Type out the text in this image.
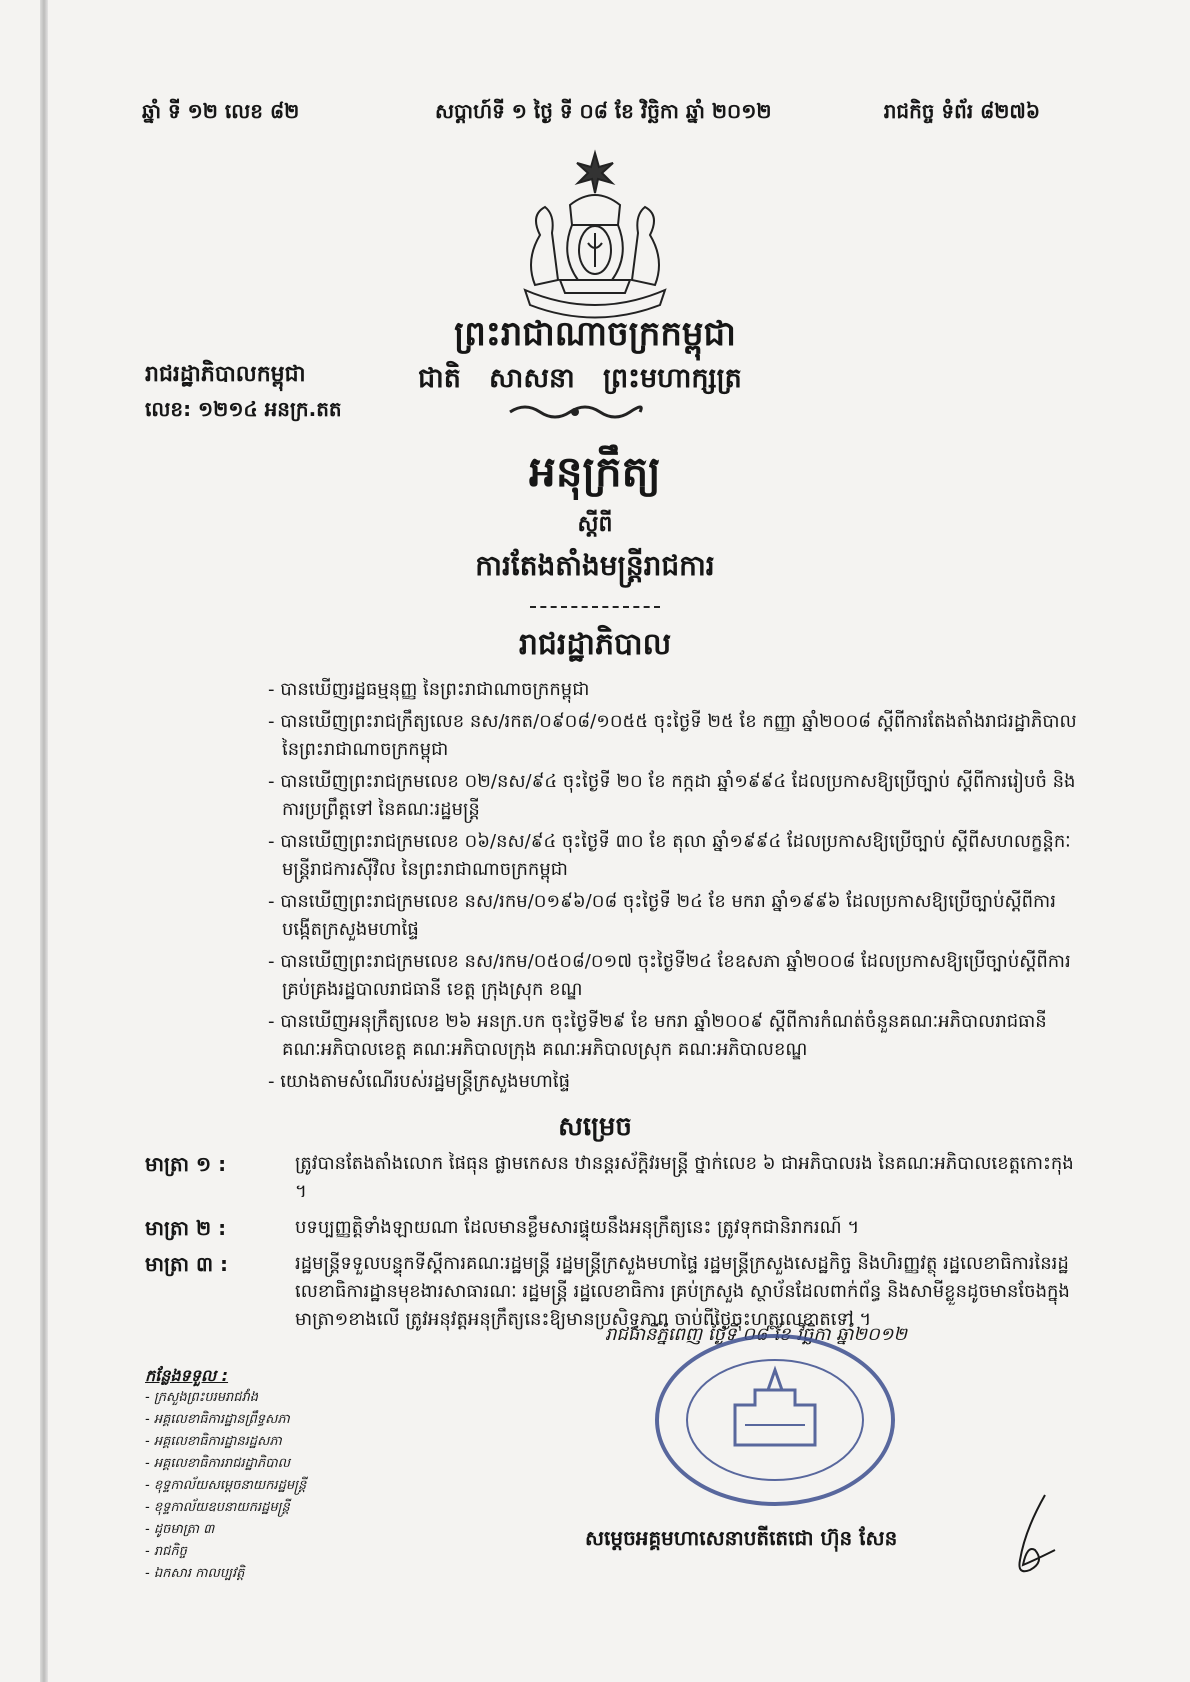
ឆ្នាំ ទី ១២ លេខ ៨២	សប្ដាហ៍ទី ១ ថ្ងៃ ទី ០៨ ខែ វិច្ឆិកា ឆ្នាំ ២០១២	រាជកិច្ច ទំព័រ ៨២៧៦
ព្រះរាជាណាចក្រកម្ពុជា
ជាតិ   សាសនា   ព្រះមហាក្សត្រ
រាជរដ្ឋាភិបាលកម្ពុជា
លេខ: ១២១៤ អនក្រ.តត
អនុក្រឹត្យ
ស្ដីពី
ការតែងតាំងមន្ត្រីរាជការ
រាជរដ្ឋាភិបាល

- បានឃើញរដ្ឋធម្មនុញ្ញ នៃព្រះរាជាណាចក្រកម្ពុជា

- បានឃើញព្រះរាជក្រឹត្យលេខ នស/រកត/០៩០៨/១០៥៥ ចុះថ្ងៃទី ២៥ ខែ កញ្ញា ឆ្នាំ២០០៨ ស្ដីពីការតែងតាំងរាជរដ្ឋាភិបាល នៃព្រះរាជាណាចក្រកម្ពុជា

- បានឃើញព្រះរាជក្រមលេខ ០២/នស/៩៤ ចុះថ្ងៃទី ២០ ខែ កក្កដា ឆ្នាំ១៩៩៤ ដែលប្រកាសឱ្យប្រើច្បាប់ ស្ដីពីការរៀបចំ និងការប្រព្រឹត្តទៅ នៃគណៈរដ្ឋមន្ត្រី

- បានឃើញព្រះរាជក្រមលេខ ០៦/នស/៩៤ ចុះថ្ងៃទី ៣០ ខែ តុលា ឆ្នាំ១៩៩៤ ដែលប្រកាសឱ្យប្រើច្បាប់ ស្ដីពីសហលក្ខន្តិកៈមន្ត្រីរាជការស៊ីវិល នៃព្រះរាជាណាចក្រកម្ពុជា

- បានឃើញព្រះរាជក្រមលេខ នស/រកម/០១៩៦/០៨ ចុះថ្ងៃទី ២៤ ខែ មករា ឆ្នាំ១៩៩៦ ដែលប្រកាសឱ្យប្រើច្បាប់ស្ដីពីការបង្កើតក្រសួងមហាផ្ទៃ

- បានឃើញព្រះរាជក្រមលេខ នស/រកម/០៥០៨/០១៧ ចុះថ្ងៃទី២៤ ខែឧសភា ឆ្នាំ២០០៨ ដែលប្រកាសឱ្យប្រើច្បាប់ស្ដីពីការគ្រប់គ្រងរដ្ឋបាលរាជធានី ខេត្ត ក្រុងស្រុក ខណ្ឌ

- បានឃើញអនុក្រឹត្យលេខ ២៦ អនក្រ.បក ចុះថ្ងៃទី២៩ ខែ មករា ឆ្នាំ២០០៩ ស្ដីពីការកំណត់ចំនួនគណៈអភិបាលរាជធានី គណៈអភិបាលខេត្ត គណៈអភិបាលក្រុង គណៈអភិបាលស្រុក គណៈអភិបាលខណ្ឌ

- យោងតាមសំណើរបស់រដ្ឋមន្ត្រីក្រសួងមហាផ្ទៃ

សម្រេច
មាត្រា ១ :	ត្រូវបានតែងតាំងលោក ផៃធុន ផ្លាមកេសន ឋានន្តរស័ក្តិវរមន្ត្រី ថ្នាក់លេខ ៦ ជាអភិបាលរង នៃគណៈអភិបាលខេត្តកោះកុង ។
មាត្រា ២ :	បទប្បញ្ញត្តិទាំងឡាយណា ដែលមានខ្លឹមសារផ្ទុយនឹងអនុក្រឹត្យនេះ ត្រូវទុកជានិរាករណ៍ ។
មាត្រា ៣ :	រដ្ឋមន្ត្រីទទួលបន្ទុកទីស្ដីការគណៈរដ្ឋមន្ត្រី រដ្ឋមន្ត្រីក្រសួងមហាផ្ទៃ រដ្ឋមន្ត្រីក្រសួងសេដ្ឋកិច្ច និងហិរញ្ញវត្ថុ រដ្ឋលេខាធិការនៃរដ្ឋលេខាធិការដ្ឋានមុខងារសាធារណៈ រដ្ឋមន្ត្រី រដ្ឋលេខាធិការ គ្រប់ក្រសួង ស្ថាប័នដែលពាក់ព័ន្ធ និងសាមីខ្លួនដូចមានចែងក្នុងមាត្រា១ខាងលើ ត្រូវអនុវត្តអនុក្រឹត្យនេះឱ្យមានប្រសិទ្ធភាព ចាប់ពីថ្ងៃចុះហត្ថលេខាតទៅ ។
រាជធានីភ្នំពេញ ថ្ងៃទី ០៨ ខែ វិច្ឆិកា ឆ្នាំ២០១២
សម្ដេចអគ្គមហាសេនាបតីតេជោ ហ៊ុន សែន
កន្លែងទទួល :
- ក្រសួងព្រះបរមរាជវាំង
- អគ្គលេខាធិការដ្ឋានព្រឹទ្ធសភា
- អគ្គលេខាធិការដ្ឋានរដ្ឋសភា
- អគ្គលេខាធិការរាជរដ្ឋាភិបាល
- ខុទ្ទកាល័យសម្ដេចនាយករដ្ឋមន្ត្រី
- ខុទ្ទកាល័យឧបនាយករដ្ឋមន្ត្រី
- ដូចមាត្រា ៣
- រាជកិច្ច
- ឯកសារ កាលប្បវត្តិ
